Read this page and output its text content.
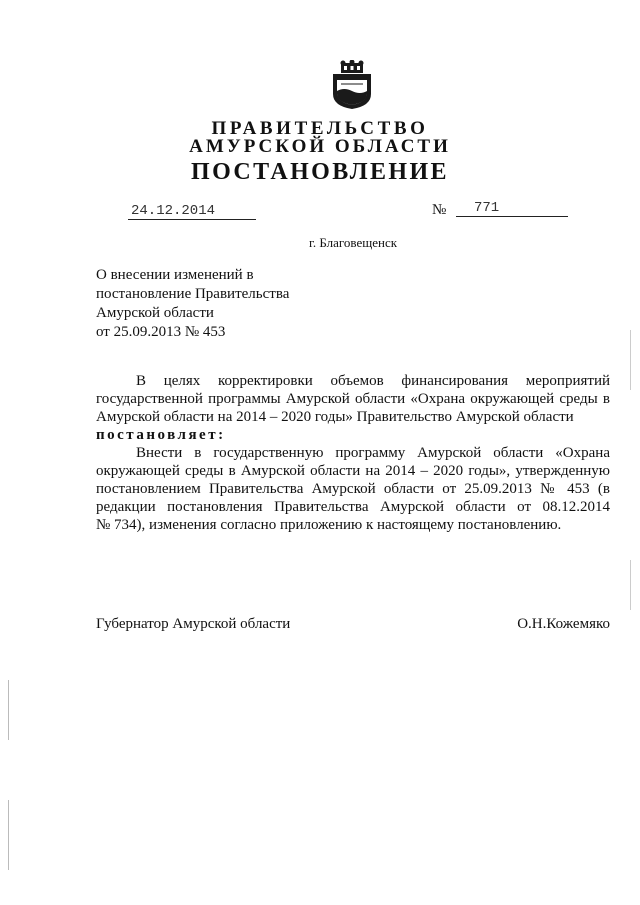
ПРАВИТЕЛЬСТВО
АМУРСКОЙ ОБЛАСТИ
ПОСТАНОВЛЕНИЕ
24.12.2014	№	771
г. Благовещенск
О внесении изменений в
постановление Правительства
Амурской области
от 25.09.2013 № 453
В целях корректировки объемов финансирования мероприятий
государственной программы Амурской области «Охрана окружающей среды в
Амурской области на 2014 – 2020 годы» Правительство Амурской области
постановляет:
Внести в государственную программу Амурской области «Охрана
окружающей среды в Амурской области на 2014 – 2020 годы», утвержденную
постановлением Правительства Амурской области от 25.09.2013 № 453 (в
редакции постановления Правительства Амурской области от 08.12.2014
№ 734), изменения согласно приложению к настоящему постановлению.
Губернатор Амурской области	О.Н.Кожемяко
